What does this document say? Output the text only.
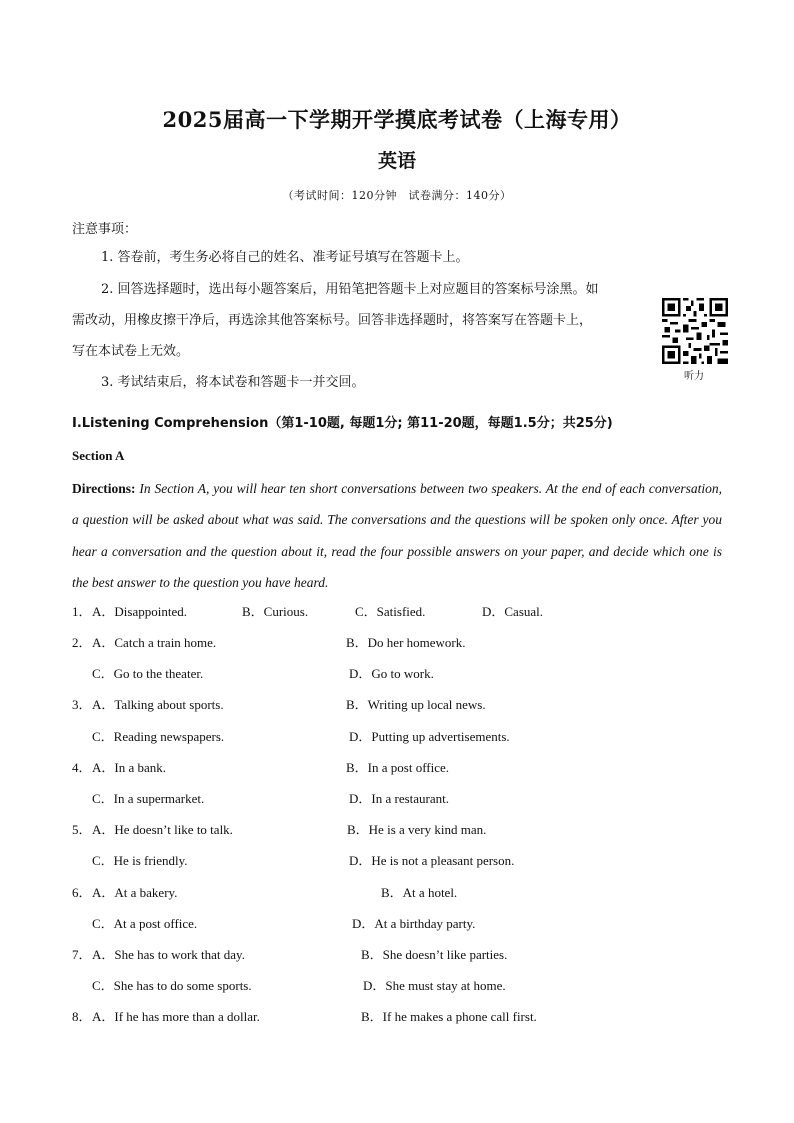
2025届高一下学期开学摸底考试卷（上海专用）
英语
（考试时间：120分钟　试卷满分：140分）
注意事项：
1. 答卷前，考生务必将自己的姓名、准考证号填写在答题卡上。
2. 回答选择题时，选出每小题答案后，用铅笔把答题卡上对应题目的答案标号涂黑。如
需改动，用橡皮擦干净后，再选涂其他答案标号。回答非选择题时，将答案写在答题卡上，
写在本试卷上无效。
3. 考试结束后，将本试卷和答题卡一并交回。	听力
I.Listening Comprehension（第1-10题, 每题1分; 第11-20题，每题1.5分；共25分)
Section A
Directions: In Section A, you will hear ten short conversations between two speakers. At the end of each conversation, a question will be asked about what was said. The conversations and the questions will be spoken only once. After you hear a conversation and the question about it, read the four possible answers on your paper, and decide which one is the best answer to the question you have heard.
1． A．Disappointed.	B．Curious.	C．Satisfied.	D．Casual.
2． A．Catch a train home.	B．Do her homework.
C．Go to the theater.	D．Go to work.
3． A．Talking about sports.	B．Writing up local news.
C．Reading newspapers.	D．Putting up advertisements.
4． A．In a bank.	B．In a post office.
C．In a supermarket.	D．In a restaurant.
5． A．He doesn’t like to talk.	B．He is a very kind man.
C．He is friendly.	D．He is not a pleasant person.
6． A．At a bakery.	B．At a hotel.
C．At a post office.	D．At a birthday party.
7． A．She has to work that day.	B．She doesn’t like parties.
C．She has to do some sports.	D．She must stay at home.
8． A．If he has more than a dollar.	B．If he makes a phone call first.
